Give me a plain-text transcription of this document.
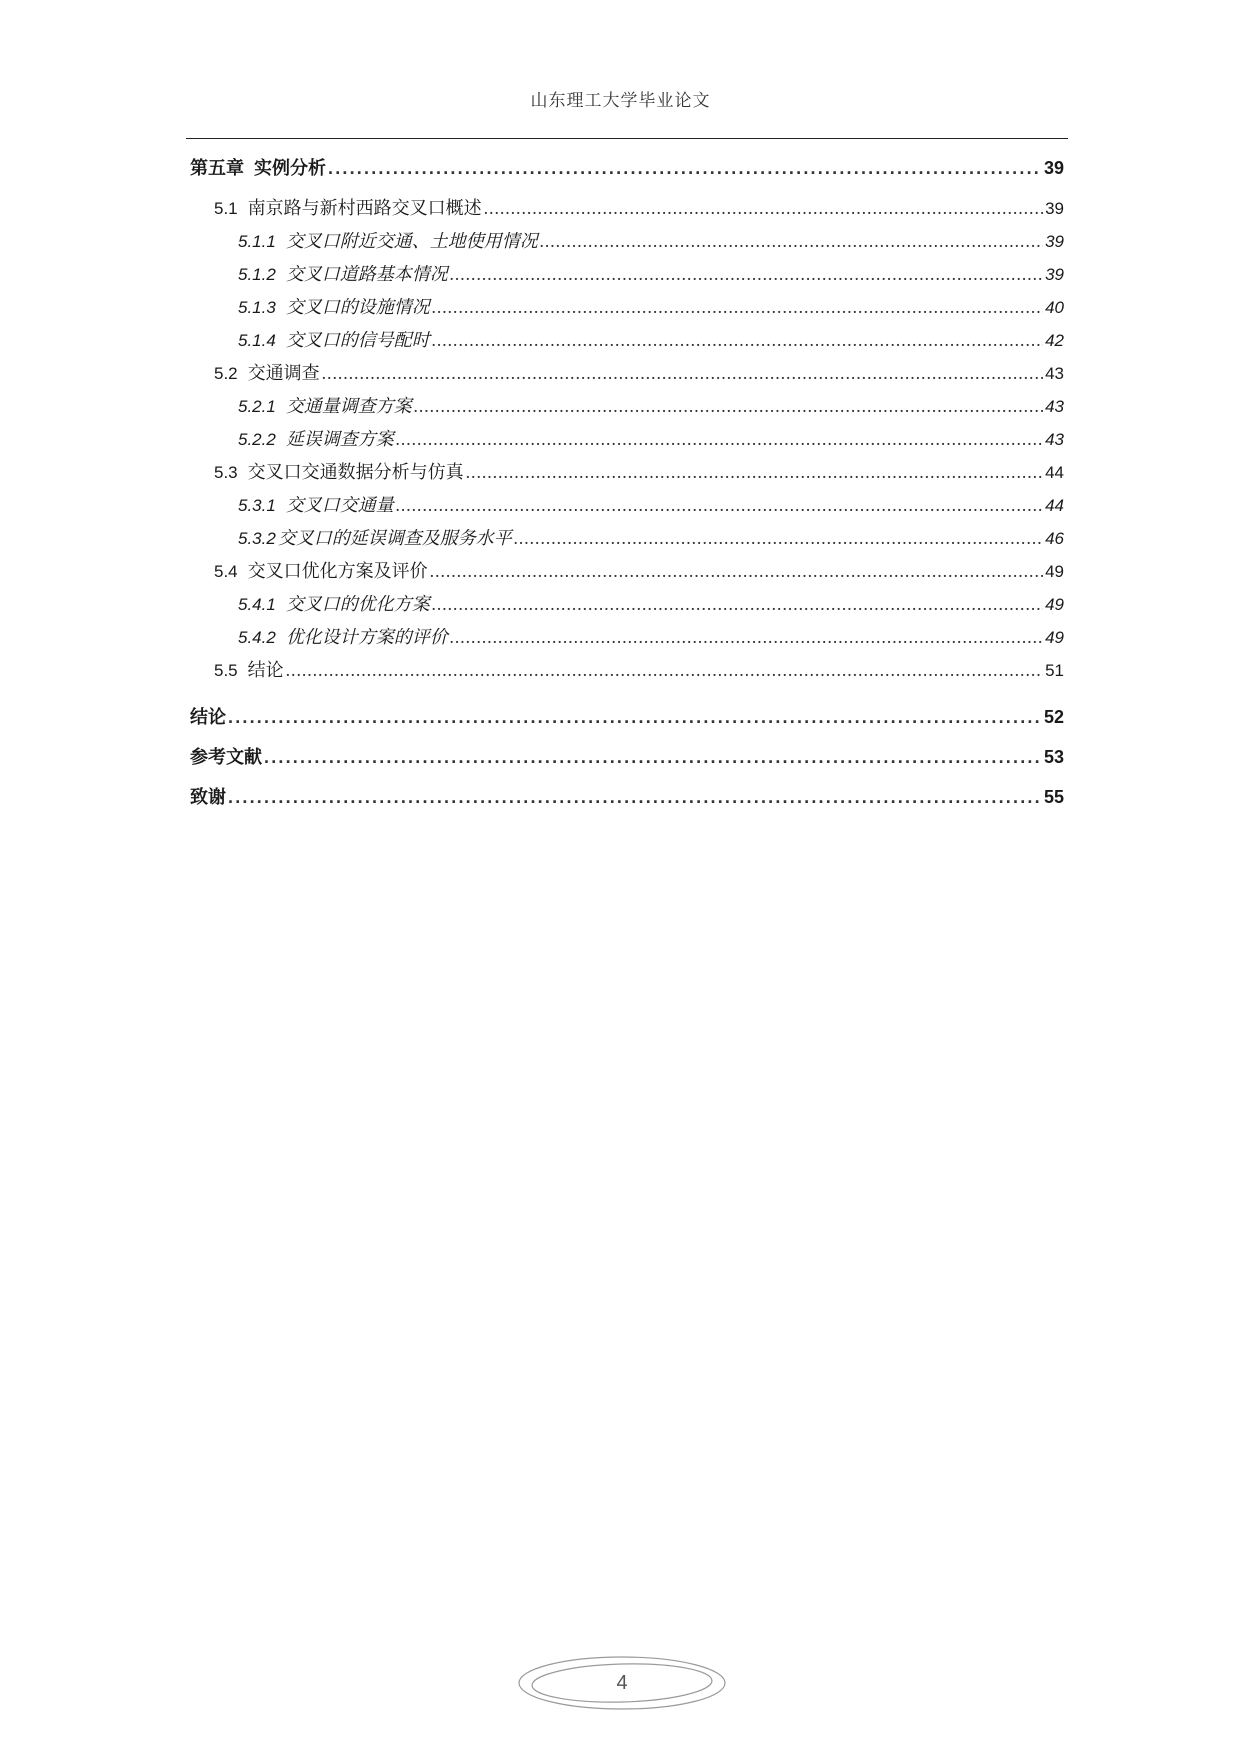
山东理工大学毕业论文
第五章 实例分析 . . .	39
5.1 南京路与新村西路交叉口概述 . . .	39
5.1.1 交叉口附近交通、土地使用情况 . . .	39
5.1.2 交叉口道路基本情况 . . .	39
5.1.3 交叉口的设施情况 . . .	40
5.1.4 交叉口的信号配时 . . .	42
5.2 交通调查 . . .	43
5.2.1 交通量调查方案 . . .	43
5.2.2 延误调查方案 . . .	43
5.3 交叉口交通数据分析与仿真 . . .	44
5.3.1 交叉口交通量 . . .	44
5.3.2 交叉口的延误调查及服务水平 . . .	46
5.4 交叉口优化方案及评价 . . .	49
5.4.1 交叉口的优化方案 . . .	49
5.4.2 优化设计方案的评价 . . .	49
5.5 结论 . . .	51
结论 . . .	52
参考文献 . . .	53
致谢 . . .	55
4
